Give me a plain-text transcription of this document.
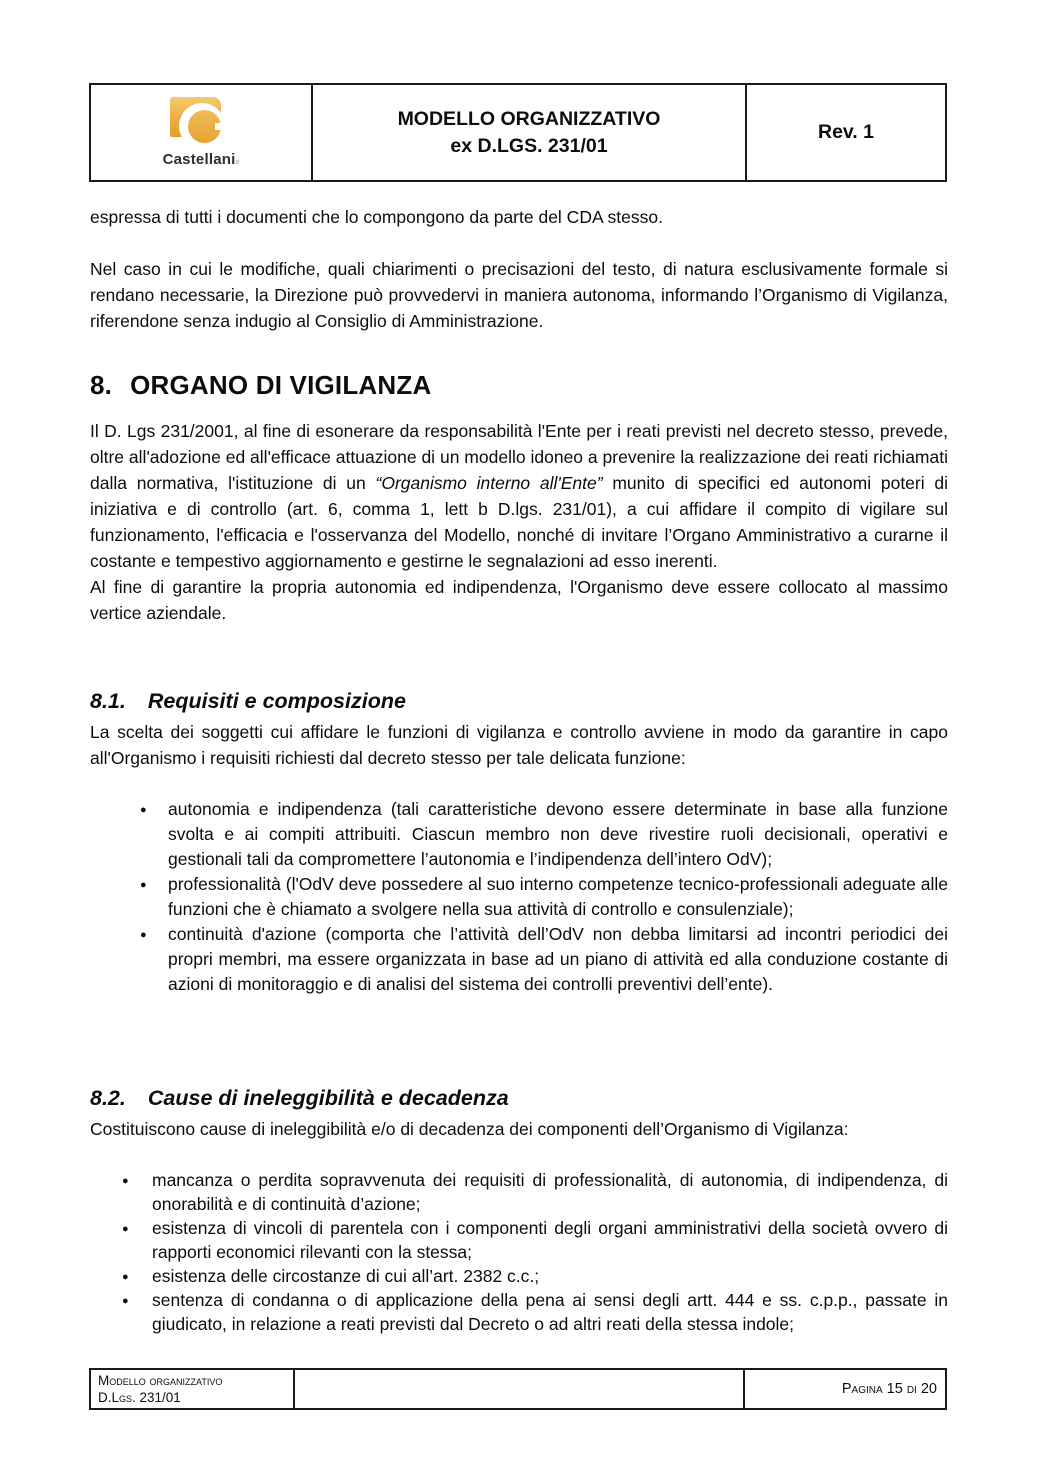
Castellaniit
MODELLO ORGANIZZATIVO
ex D.LGS. 231/01
Rev. 1

espressa di tutti i documenti che lo compongono da parte del CDA stesso.

Nel caso in cui le modifiche, quali chiarimenti o precisazioni del testo, di natura esclusivamente formale si rendano necessarie, la Direzione può provvedervi in maniera autonoma, informando l’Organismo di Vigilanza, riferendone senza indugio al Consiglio di Amministrazione.

8. ORGANO DI VIGILANZA

Il D. Lgs 231/2001, al fine di esonerare da responsabilità l'Ente per i reati previsti nel decreto stesso, prevede, oltre all'adozione ed all'efficace attuazione di un modello idoneo a prevenire la realizzazione dei reati richiamati dalla normativa, l'istituzione di un “Organismo interno all'Ente” munito di specifici ed autonomi poteri di iniziativa e di controllo (art. 6, comma 1, lett b D.lgs. 231/01), a cui affidare il compito di vigilare sul funzionamento, l'efficacia e l'osservanza del Modello, nonché di invitare l’Organo Amministrativo a curarne il costante e tempestivo aggiornamento e gestirne le segnalazioni ad esso inerenti.

Al fine di garantire la propria autonomia ed indipendenza, l'Organismo deve essere collocato al massimo vertice aziendale.

8.1. Requisiti e composizione

La scelta dei soggetti cui affidare le funzioni di vigilanza e controllo avviene in modo da garantire in capo all'Organismo i requisiti richiesti dal decreto stesso per tale delicata funzione:

● autonomia e indipendenza (tali caratteristiche devono essere determinate in base alla funzione svolta e ai compiti attribuiti. Ciascun membro non deve rivestire ruoli decisionali, operativi e gestionali tali da compromettere l’autonomia e l’indipendenza dell’intero OdV);
● professionalità (l'OdV deve possedere al suo interno competenze tecnico-professionali adeguate alle funzioni che è chiamato a svolgere nella sua attività di controllo e consulenziale);
● continuità d'azione (comporta che l’attività dell’OdV non debba limitarsi ad incontri periodici dei propri membri, ma essere organizzata in base ad un piano di attività ed alla conduzione costante di azioni di monitoraggio e di analisi del sistema dei controlli preventivi dell’ente).
8.2. Cause di ineleggibilità e decadenza

Costituiscono cause di ineleggibilità e/o di decadenza dei componenti dell’Organismo di Vigilanza:

● mancanza o perdita sopravvenuta dei requisiti di professionalità, di autonomia, di indipendenza, di onorabilità e di continuità d’azione;
● esistenza di vincoli di parentela con i componenti degli organi amministrativi della società ovvero di rapporti economici rilevanti con la stessa;
● esistenza delle circostanze di cui all’art. 2382 c.c.;
● sentenza di condanna o di applicazione della pena ai sensi degli artt. 444 e ss. c.p.p., passate in giudicato, in relazione a reati previsti dal Decreto o ad altri reati della stessa indole;
Modello organizzativo
D.Lgs. 231/01
Pagina 15 di 20
